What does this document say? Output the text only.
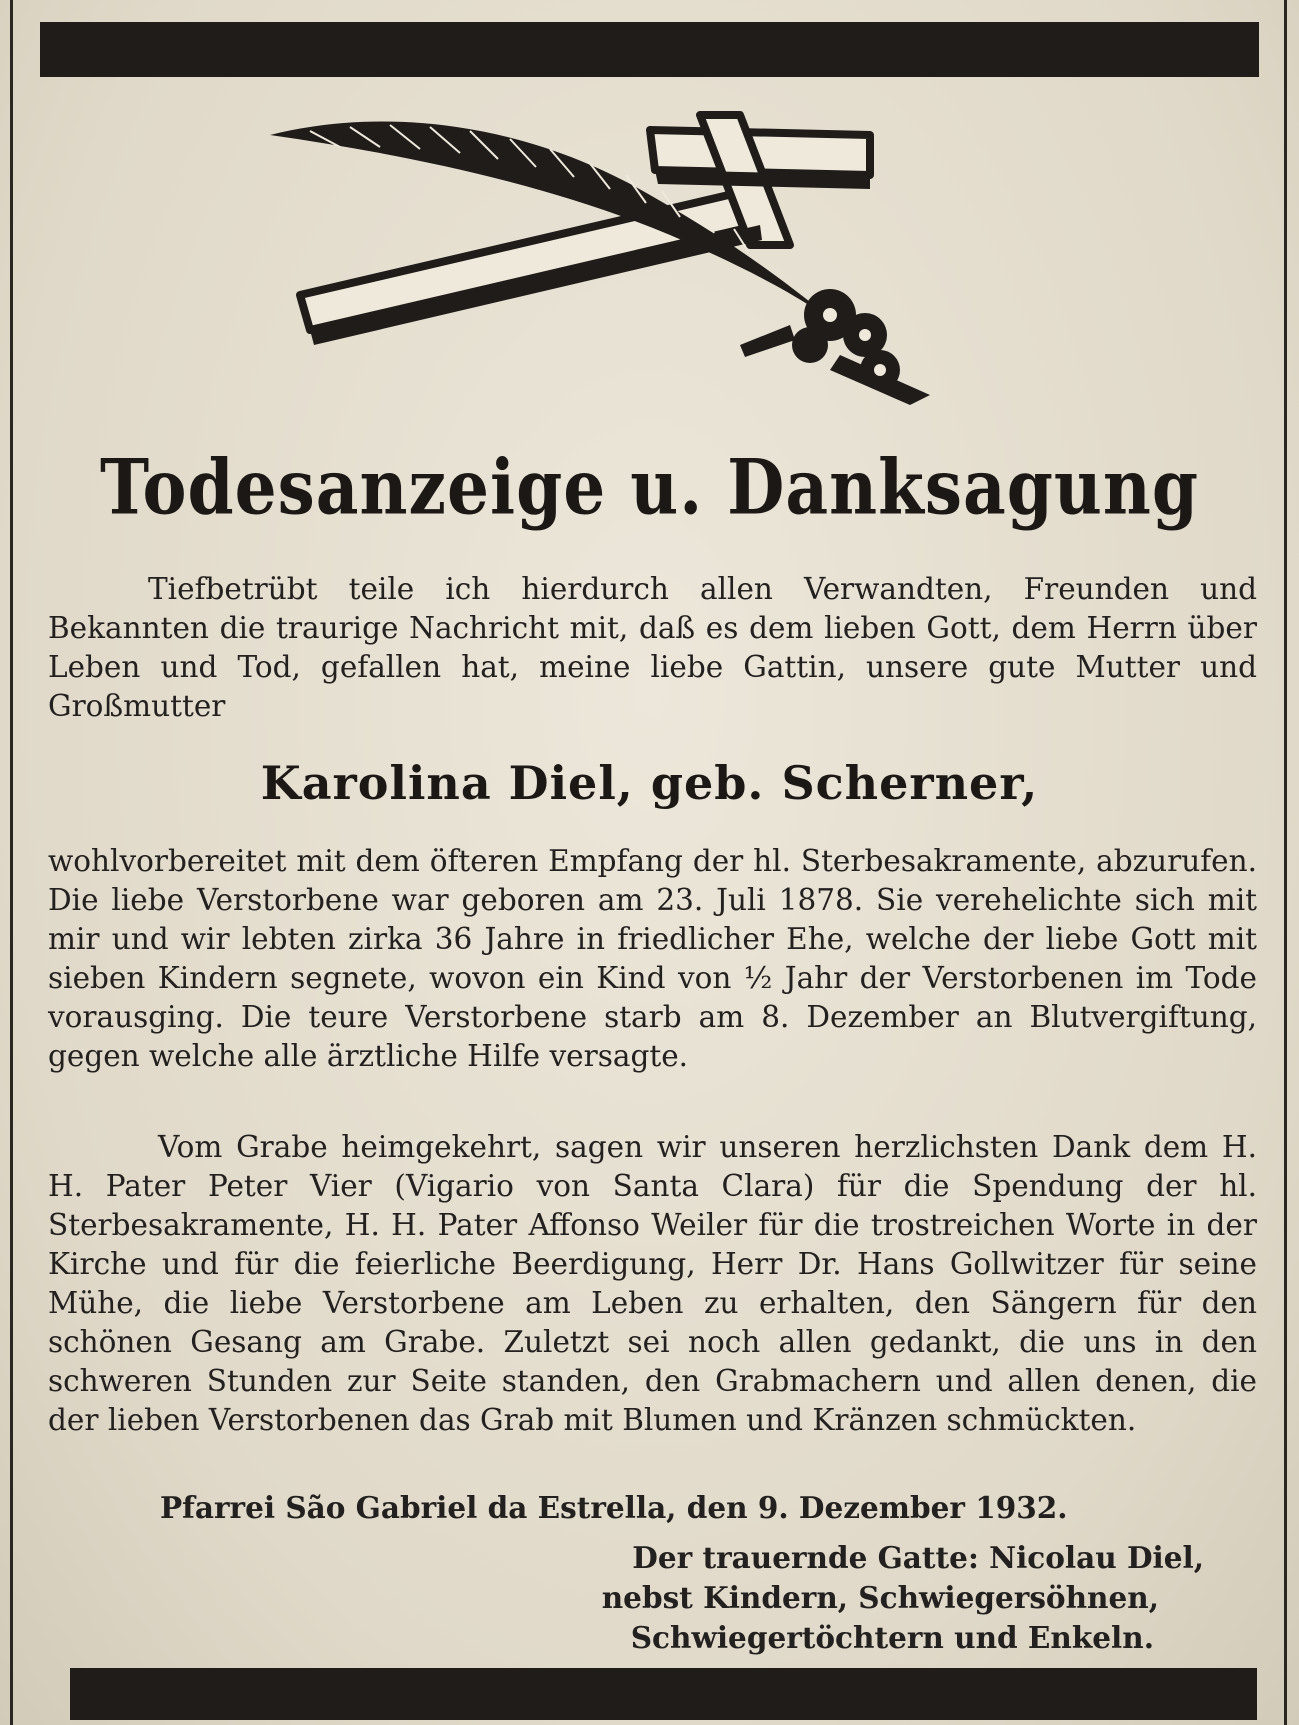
Todesanzeige u. Danksagung
Tiefbetrübt teile ich hierdurch allen Verwandten, Freunden und Bekannten die traurige Nachricht mit, daß es dem lieben Gott, dem Herrn über Leben und Tod, gefallen hat, meine liebe Gattin, unsere gute Mutter und Großmutter
Karolina Diel, geb. Scherner,
wohlvorbereitet mit dem öfteren Empfang der hl. Sterbesakramente, abzurufen. Die liebe Verstorbene war geboren am 23. Juli 1878. Sie verehelichte sich mit mir und wir lebten zirka 36 Jahre in friedlicher Ehe, welche der liebe Gott mit sieben Kindern segnete, wovon ein Kind von ½ Jahr der Verstorbenen im Tode vorausging. Die teure Verstorbene starb am 8. Dezember an Blutvergiftung, gegen welche alle ärztliche Hilfe versagte.
Vom Grabe heimgekehrt, sagen wir unseren herzlichsten Dank dem H. H. Pater Peter Vier (Vigario von Santa Clara) für die Spendung der hl. Sterbesakramente, H. H. Pater Affonso Weiler für die trostreichen Worte in der Kirche und für die feierliche Beerdigung, Herr Dr. Hans Gollwitzer für seine Mühe, die liebe Verstorbene am Leben zu erhalten, den Sängern für den schönen Gesang am Grabe. Zuletzt sei noch allen gedankt, die uns in den schweren Stunden zur Seite standen, den Grabmachern und allen denen, die der lieben Verstorbenen das Grab mit Blumen und Kränzen schmückten.
Pfarrei São Gabriel da Estrella, den 9. Dezember 1932.
Der trauernde Gatte: Nicolau Diel,
nebst Kindern, Schwiegersöhnen,
Schwiegertöchtern und Enkeln.
